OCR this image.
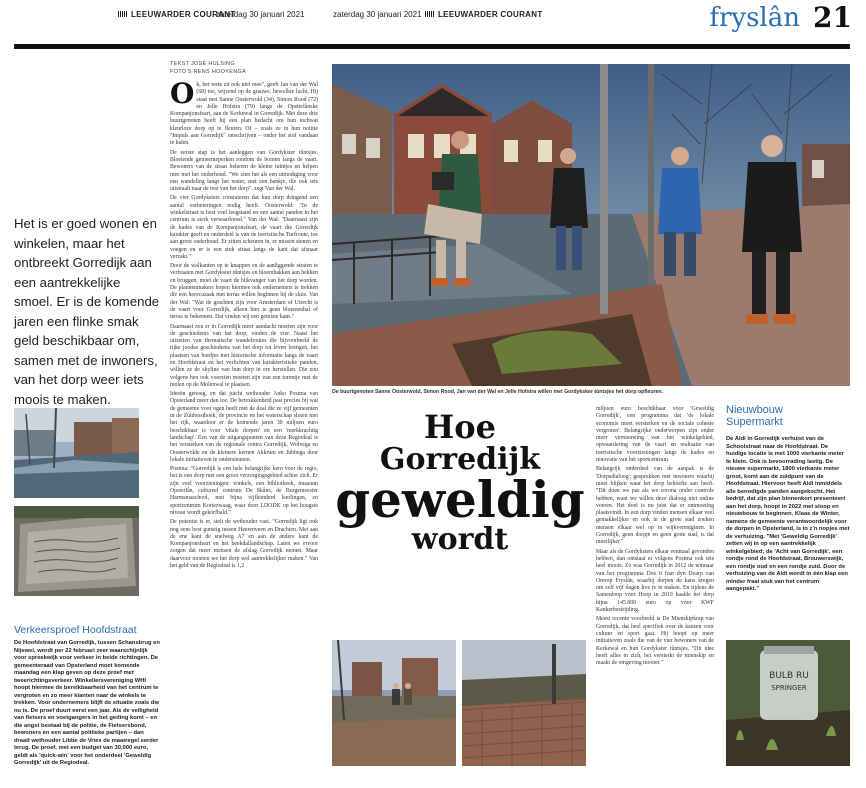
LEEUWARDER COURANT
zaterdag 30 januari 2021	zaterdag 30 januari 2021	LEEUWARDER COURANT	fryslân 21
TEKST JOSÉ HULSING
FOTO'S RENS HOOYENGA
Het is er goed wonen en winkelen, maar het ontbreekt Gorredijk aan een aantrekkelijke smoel. Er is de komende jaren een flinke smak geld beschikbaar om, samen met de inwoners, van het dorp weer iets moois te maken.
Verkeersproef Hoofdstraat
De Hoofdstraat van Gorredijk, tussen Schansbrug en Nijewei, wordt per 22 februari zeer waarschijnlijk voor spreekwijk voor verkeer in beide richtingen. De gemeenteraad van Opsterland moet komende maandag een klap geven op deze proef met tweerichtingsverkeer. Winkeliersvereniging WHI hoopt hiermee de bereikbaarheid van het centrum te vergroten en zo meer klanten naar de winkels te trekken. Voor ondernemers blijft de situatie zoals die nu is. De proef duurt eerst een jaar. Als de veiligheid van fietsers en voetgangers in het geding komt – en die angst bestaat bij de politie, de Fietsersbond, bewoners en een aantal politieke partijen – dan draait wethouder Libbe de Vries de maatregel eerder terug. De proef, met een budget van 30.000 euro, geldt als 'quick-win' voor het onderdeel 'Geweldig Gorredijk' uit de Regiodeal.

Ok, het wete zit ook niet mee", geeft Jan van der Wal (68) toe, wijzend op de grauwe, bewolkte lucht. Hij staat met Sanne Oosterwold (34), Simon Rood (72) en Jelle Hofstra (79) langs de Opsterlânske Kompanjonsfeart, aan de Kerkewal in Gorredijk. Met deze drie buurtgenoten heeft hij een plan bedacht om hun tochwat kleurloze dorp op te fleuren. Of – zoals ze in hun notitie "Impuls aan Gorredijk" omschrijven – onder het stof vandaan te halen.

De eerste stap is het aanleggen van Gordykster tûntsjes. Bloeiende gemeenteperken rondom de bomen langs de vaart. Bewoners van de straat beheren de kleine tuintjes en helpen mee met het onderhoud. "We zien het als een uitnodiging voor een wandeling langs het water, met een bankje, die ook iets uitstraalt naar de rest van het dorp", zegt Van der Wal.

De vier Gordyksters constateren dat hun dorp dringend een aantal verbeteringen nodig heeft. Oosterwold: "In de winkelstraat is best veel leegstand en een aantal panden in het centrum is sterk verwaarloosd." Van der Wal: "Daarnaast zijn de kades van de Kompanjonsfeart, de vaart die Gorredijk karakter geeft en onderdeel is van de toeristische Turfroute, toe aan groot onderhoud. Er zitten scheuren in, er missen stenen en voegen en er is een stuk straat langs de kant dat afsnaar verzakt."

Door de walkanten op te knappen en de aanliggende straten te verfraaien met Gordykster tûntsjes en bloembakken aan hekken en bruggen, moet de vaart de blikvanger van het dorp worden. De plannenmakers hopen hiermee ook ondernemers te trekken die een horecazaak met terras willen beginnen bij de sluis. Van der Wal: "Wat de grachten zijn voor Amsterdam of Utrecht is de vaart voor Gorredijk, alleen hier is geen bloemenhal of terras te bekennen. Dat vinden wij een gemiste kans."

Daarnaast zou er in Gorredijk meer aandacht moeten zijn voor de geschiedenis van het dorp, vinden de vier. Naast het uitzetten van thematische wandelroutes die bijvoorbeeld de rijke joodse geschiedenis van het dorp tot leven brengen, het plaatsen van bordjes met historische informatie langs de vaart en Hoofdstraat en het verlichten van karakteristieke panden, willen ze de skyline van hun dorp in ere herstellen. Die zou volgens hen ook voorzien moeten zijn van een torentje met de molen op de Molenwal te plaatsen.

Ideeën genoeg, en dat juicht wethouder Anko Postma van Opsterland meer dan toe. De betrokkenheid past precies bij wat de gemeente voor ogen heeft met de deal die ze vijf gemeenten in de Zuidoosthoek, de provincie en het waterschap sloten met het rijk, waardoor er de komende jaren 30 miljoen euro beschikbaar is voor 'vitale dorpen' en een 'merkkrachtig landschap'. Een van de uitgangspunten van deze Regiodeal is het versterken van de regionale centra Gorredijk, Wolvega en Oosterwolde en de kleinere kernen Akkrum en Jubbega door lokale initiatieven te ondersteunen.

Postma: "Gorredijk is een hele belangrijke kern voor de regio, het is een dorp met een groot verzorgingsgebied achter zich. Er zijn veel voorzieningen: winkels, een bibliotheek, museum Opsterlân, cultureel centrum De Skâns, de Burgemeester Harmsmaschool, met bijna vijfhonderd leerlingen, en sportcentrum Kortezwaag, waar door LDODK op het hoogste niveau wordt gekorfbald."

De potentie is er, stelt de wethouder vast. "Gorredijk ligt ook nog eens best gunstig tussen Heerenveen en Drachten. Met aan de ene kant de snelweg A7 en aan de andere kant de Kompanjonsfeart en het beekdallandschap. Laten we ervoor zorgen dat meer mensen de afslag Gorredijk nemen. Maar daarvoor moeten we het dorp wel aantrekkelijker maken." Van het geld van de Regiodeal is 1,2

De buurtgenoten Sanne Oosterwold, Simon Rood, Jan van der Wal en Jelle Hofstra willen met Gordyksker tûntsjes het dorp opfleuren.
Hoe
Gorredijk
geweldig
wordt

miljoen euro beschikbaar voor 'Geweldig Gorredijk', een programma dat 'de lokale economie moet versterken en de sociale cohesie vergroten'. Belangrijke onderwerpen zijn onder meer vernieuwing van het winkelgebied, opwaardering van de vaart en realisatie van toeristische voorzieningen langs de kades en renovatie van het sportcentrum.

Belangrijk onderdeel van de aanpak is de 'Dorpsdialoog', gesprekken met inwoners waarbij moet blijken waar het dorp behoefte aan heeft. "Dit doen we pas als we corona onder controle hebben, want we willen deze dialoog niet online voeren. Het doel is nu juist dat er ontmoeting plaatsvindt. In een dorp vinden mensen elkaar veel gemakkelijker en ook in de grote stad zoeken mensen elkaar wel op in wijkvereniginen. In Gorredijk, geen dorpje en geen grote stad, is dat moeilijker."

Maar als de Gordyksters elkaar eenmaal gevonden hebben, dan ontstaat er volgens Postma ook iets heel moois. Zo was Gorredijk in 2012 de winnaar van het programma Doe it foar dyn Doarp van Omrop Fryslân, waarbij dorpen de kans kregen om zelf vijf dagen live tv te maken. En tijdens de Samenloop voor Hoop in 2019 haalde het dorp bijna 145.000 euro op voor KWF Kankerbestrijding.

Meest recente voorbeeld is De Mienskipkrap van Gorredijk, dat heel specifiek over de kansen voor cultuur en sport gaat. Hij hoopt op meer initiatieven zoals die van de vier bewoners van de Kerkewal en hun Gordykster tûntsjes. "Dit idee heeft alles in zich, het versterkt de mienskip en maakt de omgeving mooier."

Nieuwbouw
Supermarkt
De Aldi in Gorredijk verhuist van de Schoolstraat naar de Hoofdstraat. De huidige locatie is met 1000 vierkante meter te klein. Ook is bevoorrading lastig. De nieuwe supermarkt, 1800 vierkante meter groot, komt aan de zuidpunt van de Hoofdstraat. Hiervoor heeft Aldi inmiddels alle benodigde panden aangekocht. Het bedrijf, dat zijn plan binnenkort presenteert aan het dorp, hoopt in 2022 met sloop en nieuwbouw te beginnen. Klaas de Winter, namens de gemeente verantwoordelijk voor de dorpen in Opsterland, is in z'n nopjes met de verhuizing. "Met 'Geweldig Gorredijk' zetten wij in op een aantrekkelijk winkelgebied; de 'Acht van Gorredijk', een rondje rond de Hoofdstraat, Brouwerswijk, een rondje oud en een rondje zuid. Door de verhuizing van de Aldi wordt in één klap een minder fraai stuk van het centrum aangepakt."
BULB RU
SPRINGER
